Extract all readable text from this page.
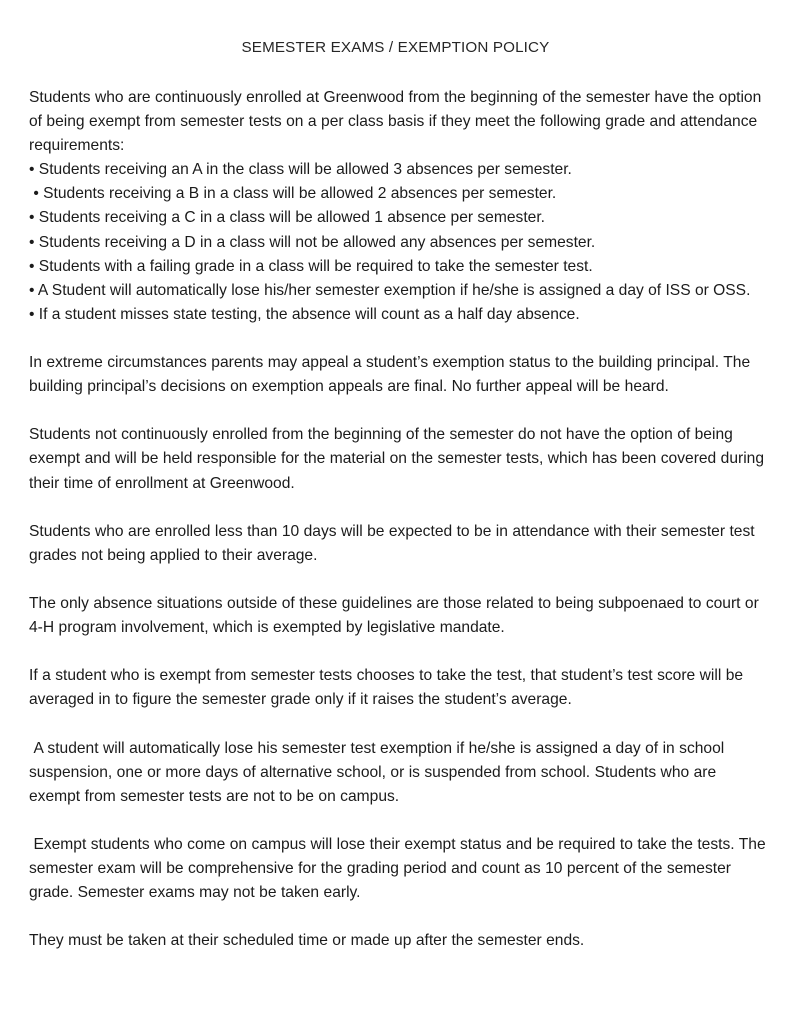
SEMESTER EXAMS / EXEMPTION POLICY

Students who are continuously enrolled at Greenwood from the beginning of the semester have the option of being exempt from semester tests on a per class basis if they meet the following grade and attendance requirements:

• Students receiving an A in the class will be allowed 3 absences per semester.

• Students receiving a B in a class will be allowed 2 absences per semester.

• Students receiving a C in a class will be allowed 1 absence per semester.

• Students receiving a D in a class will not be allowed any absences per semester.

• Students with a failing grade in a class will be required to take the semester test.

• A Student will automatically lose his/her semester exemption if he/she is assigned a day of ISS or OSS.

• If a student misses state testing, the absence will count as a half day absence.

In extreme circumstances parents may appeal a student’s exemption status to the building principal. The building principal’s decisions on exemption appeals are final. No further appeal will be heard.

Students not continuously enrolled from the beginning of the semester do not have the option of being exempt and will be held responsible for the material on the semester tests, which has been covered during their time of enrollment at Greenwood.

Students who are enrolled less than 10 days will be expected to be in attendance with their semester test grades not being applied to their average.

The only absence situations outside of these guidelines are those related to being subpoenaed to court or 4-H program involvement, which is exempted by legislative mandate.

If a student who is exempt from semester tests chooses to take the test, that student’s test score will be averaged in to figure the semester grade only if it raises the student’s average.

A student will automatically lose his semester test exemption if he/she is assigned a day of in school suspension, one or more days of alternative school, or is suspended from school. Students who are exempt from semester tests are not to be on campus.

Exempt students who come on campus will lose their exempt status and be required to take the tests. The semester exam will be comprehensive for the grading period and count as 10 percent of the semester grade. Semester exams may not be taken early.

They must be taken at their scheduled time or made up after the semester ends.
